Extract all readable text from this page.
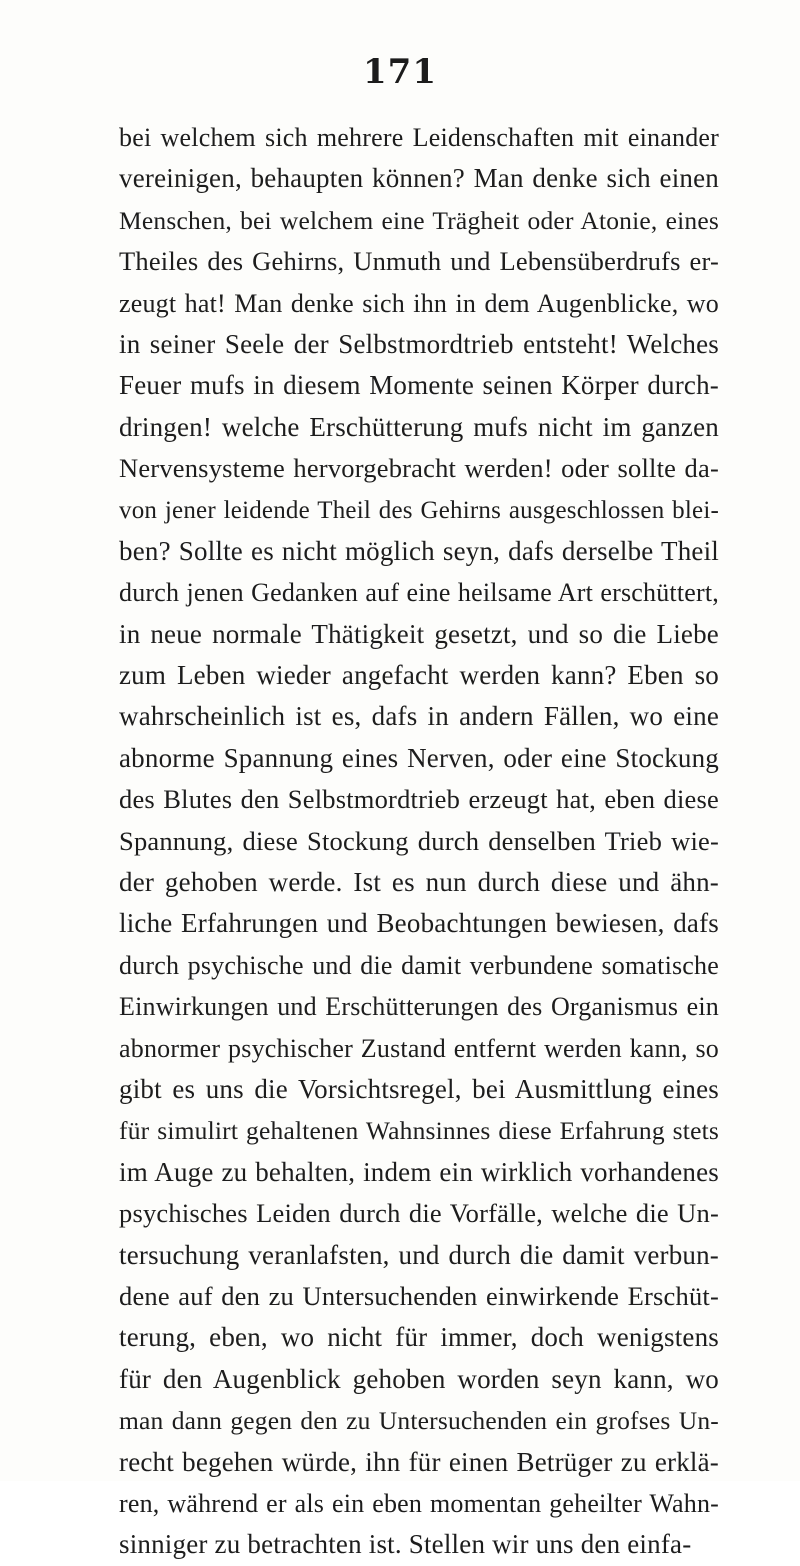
171
bei welchem sich mehrere Leidenschaften mit einander
vereinigen, behaupten können? Man denke sich einen
Menschen, bei welchem eine Trägheit oder Atonie, eines
Theiles des Gehirns, Unmuth und Lebensüberdrufs er-
zeugt hat! Man denke sich ihn in dem Augenblicke, wo
in seiner Seele der Selbstmordtrieb entsteht! Welches
Feuer mufs in diesem Momente seinen Körper durch-
dringen! welche Erschütterung mufs nicht im ganzen
Nervensysteme hervorgebracht werden! oder sollte da-
von jener leidende Theil des Gehirns ausgeschlossen blei-
ben? Sollte es nicht möglich seyn, dafs derselbe Theil
durch jenen Gedanken auf eine heilsame Art erschüttert,
in neue normale Thätigkeit gesetzt, und so die Liebe
zum Leben wieder angefacht werden kann? Eben so
wahrscheinlich ist es, dafs in andern Fällen, wo eine
abnorme Spannung eines Nerven, oder eine Stockung
des Blutes den Selbstmordtrieb erzeugt hat, eben diese
Spannung, diese Stockung durch denselben Trieb wie-
der gehoben werde. Ist es nun durch diese und ähn-
liche Erfahrungen und Beobachtungen bewiesen, dafs
durch psychische und die damit verbundene somatische
Einwirkungen und Erschütterungen des Organismus ein
abnormer psychischer Zustand entfernt werden kann, so
gibt es uns die Vorsichtsregel, bei Ausmittlung eines
für simulirt gehaltenen Wahnsinnes diese Erfahrung stets
im Auge zu behalten, indem ein wirklich vorhandenes
psychisches Leiden durch die Vorfälle, welche die Un-
tersuchung veranlafsten, und durch die damit verbun-
dene auf den zu Untersuchenden einwirkende Erschüt-
terung, eben, wo nicht für immer, doch wenigstens
für den Augenblick gehoben worden seyn kann, wo
man dann gegen den zu Untersuchenden ein grofses Un-
recht begehen würde, ihn für einen Betrüger zu erklä-
ren, während er als ein eben momentan geheilter Wahn-
sinniger zu betrachten ist. Stellen wir uns den einfa-
